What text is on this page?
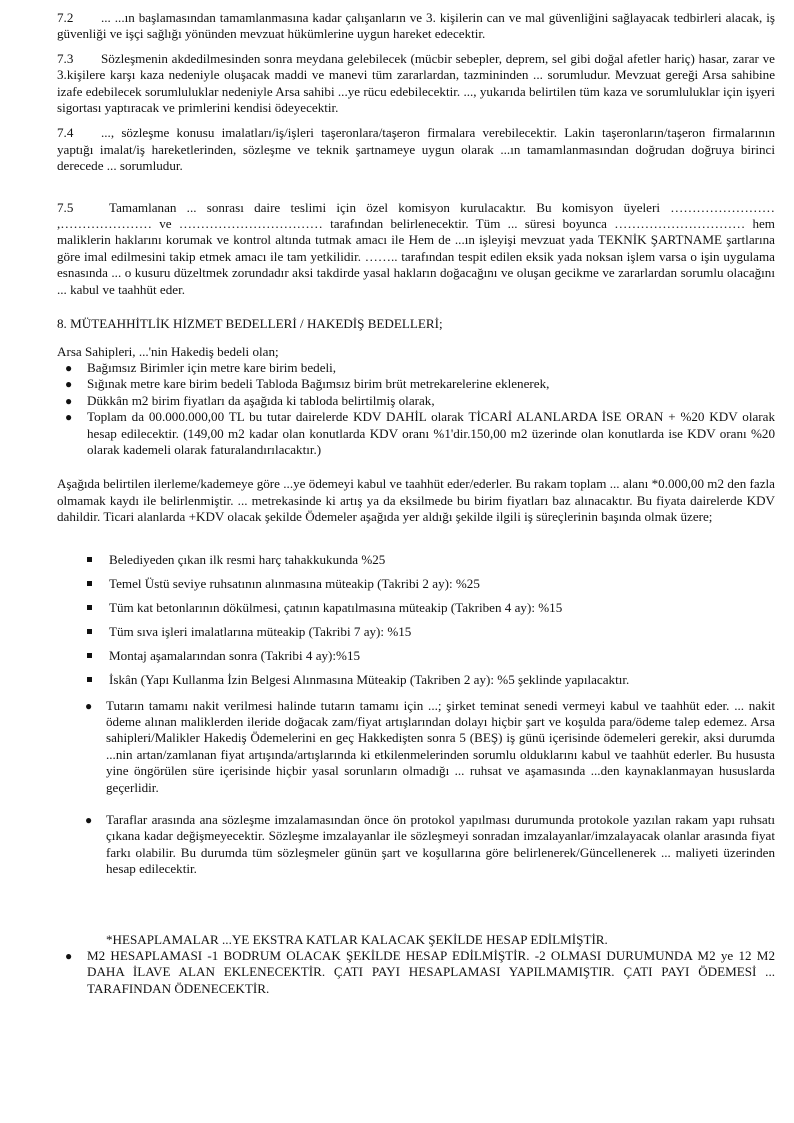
7.2 ... ...ın başlamasından tamamlanmasına kadar çalışanların ve 3. kişilerin can ve mal güvenliğini sağlayacak tedbirleri alacak, iş güvenliği ve işçi sağlığı yönünden mevzuat hükümlerine uygun hareket edecektir.

7.3 Sözleşmenin akdedilmesinden sonra meydana gelebilecek (mücbir sebepler, deprem, sel gibi doğal afetler hariç) hasar, zarar ve 3.kişilere karşı kaza nedeniyle oluşacak maddi ve manevi tüm zararlardan, tazmininden ... sorumludur. Mevzuat gereği Arsa sahibine izafe edebilecek sorumluluklar nedeniyle Arsa sahibi ...ye rücu edebilecektir. ..., yukarıda belirtilen tüm kaza ve sorumluluklar için işyeri sigortası yaptıracak ve primlerini kendisi ödeyecektir.

7.4 ..., sözleşme konusu imalatları/iş/işleri taşeronlara/taşeron firmalara verebilecektir. Lakin taşeronların/taşeron firmalarının yaptığı imalat/iş hareketlerinden, sözleşme ve teknik şartnameye uygun olarak ...ın tamamlanmasından doğrudan doğruya birinci derecede ... sorumludur.

7.5	Tamamlanan ... sonrası daire teslimi için özel komisyon kurulacaktır. Bu komisyon üyeleri …………………… ,………………… ve …………………………… tarafından belirlenecektir. Tüm ... süresi boyunca ………………………… hem maliklerin haklarını korumak ve kontrol altında tutmak amacı ile Hem de ...ın işleyişi mevzuat yada TEKNİK ŞARTNAME şartlarına göre imal edilmesini takip etmek amacı ile tam yetkilidir. …….. tarafından tespit edilen eksik yada noksan işlem varsa o işin uygulama esnasında ... o kusuru düzeltmek zorundadır aksi takdirde yasal hakların doğacağını ve oluşan gecikme ve zararlardan sorumlu olacağını ... kabul ve taahhüt eder.

8. MÜTEAHHİTLİK HİZMET BEDELLERİ / HAKEDİŞ BEDELLERİ;

Arsa Sahipleri, ...'nin Hakediş bedeli olan;

● Bağımsız Birimler için metre kare birim bedeli,
● Sığınak metre kare birim bedeli Tabloda Bağımsız birim brüt metrekarelerine eklenerek,
● Dükkân m2 birim fiyatları da aşağıda ki tabloda belirtilmiş olarak,
● Toplam da 00.000.000,00 TL bu tutar dairelerde KDV DAHİL olarak TİCARİ ALANLARDA İSE ORAN + %20 KDV olarak hesap edilecektir. (149,00 m2 kadar olan konutlarda KDV oranı %1'dir.150,00 m2 üzerinde olan konutlarda ise KDV oranı %20 olarak kademeli olarak faturalandırılacaktır.)

Aşağıda belirtilen ilerleme/kademeye göre ...ye ödemeyi kabul ve taahhüt eder/ederler. Bu rakam toplam ... alanı *0.000,00 m2 den fazla olmamak kaydı ile belirlenmiştir. ... metrekasinde ki artış ya da eksilmede bu birim fiyatları baz alınacaktır. Bu fiyata dairelerde KDV dahildir. Ticari alanlarda +KDV olacak şekilde Ödemeler aşağıda yer aldığı şekilde ilgili iş süreçlerinin başında olmak üzere;

Belediyeden çıkan ilk resmi harç tahakkukunda %25
Temel Üstü seviye ruhsatının alınmasına müteakip (Takribi 2 ay): %25
Tüm kat betonlarının dökülmesi, çatının kapatılmasına müteakip (Takriben 4 ay): %15
Tüm sıva işleri imalatlarına müteakip (Takribi 7 ay): %15
Montaj aşamalarından sonra (Takribi 4 ay):%15
İskân (Yapı Kullanma İzin Belgesi Alınmasına Müteakip (Takriben 2 ay): %5 şeklinde yapılacaktır.
● Tutarın tamamı nakit verilmesi halinde tutarın tamamı için ...; şirket teminat senedi vermeyi kabul ve taahhüt eder. ... nakit ödeme alınan maliklerden ileride doğacak zam/fiyat artışlarından dolayı hiçbir şart ve koşulda para/ödeme talep edemez. Arsa sahipleri/Malikler Hakediş Ödemelerini en geç Hakkedişten sonra 5 (BEŞ) iş günü içerisinde ödemeleri gerekir, aksi durumda ...nin artan/zamlanan fiyat artışında/artışlarında ki etkilenmelerinden sorumlu olduklarını kabul ve taahhüt ederler. Bu hususta yine öngörülen süre içerisinde hiçbir yasal sorunların olmadığı ... ruhsat ve aşamasında ...den kaynaklanmayan hususlarda geçerlidir.
● Taraflar arasında ana sözleşme imzalamasından önce ön protokol yapılması durumunda protokole yazılan rakam yapı ruhsatı çıkana kadar değişmeyecektir. Sözleşme imzalayanlar ile sözleşmeyi sonradan imzalayanlar/imzalayacak olanlar arasında fiyat farkı olabilir. Bu durumda tüm sözleşmeler günün şart ve koşullarına göre belirlenerek/Güncellenerek ... maliyeti üzerinden hesap edilecektir.

*HESAPLAMALAR ...YE EKSTRA KATLAR KALACAK ŞEKİLDE HESAP EDİLMİŞTİR.

● M2 HESAPLAMASI -1 BODRUM OLACAK ŞEKİLDE HESAP EDİLMİŞTİR. -2 OLMASI DURUMUNDA M2 ye 12 M2 DAHA İLAVE ALAN EKLENECEKTİR. ÇATI PAYI HESAPLAMASI YAPILMAMIŞTIR. ÇATI PAYI ÖDEMESİ ... TARAFINDAN ÖDENECEKTİR.
